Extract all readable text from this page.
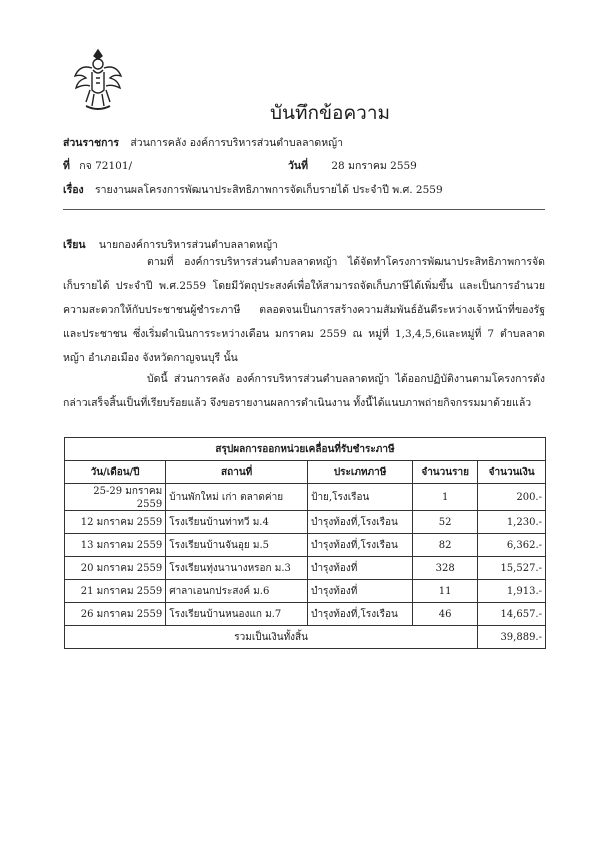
บันทึกข้อความ
ส่วนราชการ ส่วนการคลัง องค์การบริหารส่วนตำบลลาดหญ้า
ที่ กจ 72101/	วันที่ 28 มกราคม 2559
เรื่อง รายงานผลโครงการพัฒนาประสิทธิภาพการจัดเก็บรายได้ ประจำปี พ.ศ. 2559
เรียน นายกองค์การบริหารส่วนตำบลลาดหญ้า
ตามที่ องค์การบริหารส่วนตำบลลาดหญ้า ได้จัดทำโครงการพัฒนาประสิทธิภาพการจัดเก็บรายได้ ประจำปี พ.ศ.2559 โดยมีวัตถุประสงค์เพื่อให้สามารถจัดเก็บภาษีได้เพิ่มขึ้น และเป็นการอำนวยความสะดวกให้กับประชาชนผู้ชำระภาษี ตลอดจนเป็นการสร้างความสัมพันธ์อันดีระหว่างเจ้าหน้าที่ของรัฐและประชาชน ซึ่งเริ่มดำเนินการระหว่างเดือน มกราคม 2559 ณ หมู่ที่ 1,3,4,5,6และหมู่ที่ 7 ตำบลลาดหญ้า อำเภอเมือง จังหวัดกาญจนบุรี นั้น
บัดนี้ ส่วนการคลัง องค์การบริหารส่วนตำบลลาดหญ้า ได้ออกปฏิบัติงานตามโครงการดังกล่าวเสร็จสิ้นเป็นที่เรียบร้อยแล้ว จึงขอรายงานผลการดำเนินงาน ทั้งนี้ได้แนบภาพถ่ายกิจกรรมมาด้วยแล้ว
สรุปผลการออกหน่วยเคลื่อนที่รับชำระภาษี				
วัน/เดือน/ปี	สถานที่	ประเภทภาษี	จำนวนราย	จำนวนเงิน
25-29 มกราคม 2559	บ้านพักใหม่ เก่า ตลาดค่าย	ป้าย,โรงเรือน	1	200.-
12 มกราคม 2559	โรงเรียนบ้านท่าทวี ม.4	บำรุงท้องที่,โรงเรือน	52	1,230.-
13 มกราคม 2559	โรงเรียนบ้านจันอุย ม.5	บำรุงท้องที่,โรงเรือน	82	6,362.-
20 มกราคม 2559	โรงเรียนทุ่งนานางหรอก ม.3	บำรุงท้องที่	328	15,527.-
21 มกราคม 2559	ศาลาเอนกประสงค์ ม.6	บำรุงท้องที่	11	1,913.-
26 มกราคม 2559	โรงเรียนบ้านหนองแก ม.7	บำรุงท้องที่,โรงเรือน	46	14,657.-
รวมเป็นเงินทั้งสิ้น				39,889.-
